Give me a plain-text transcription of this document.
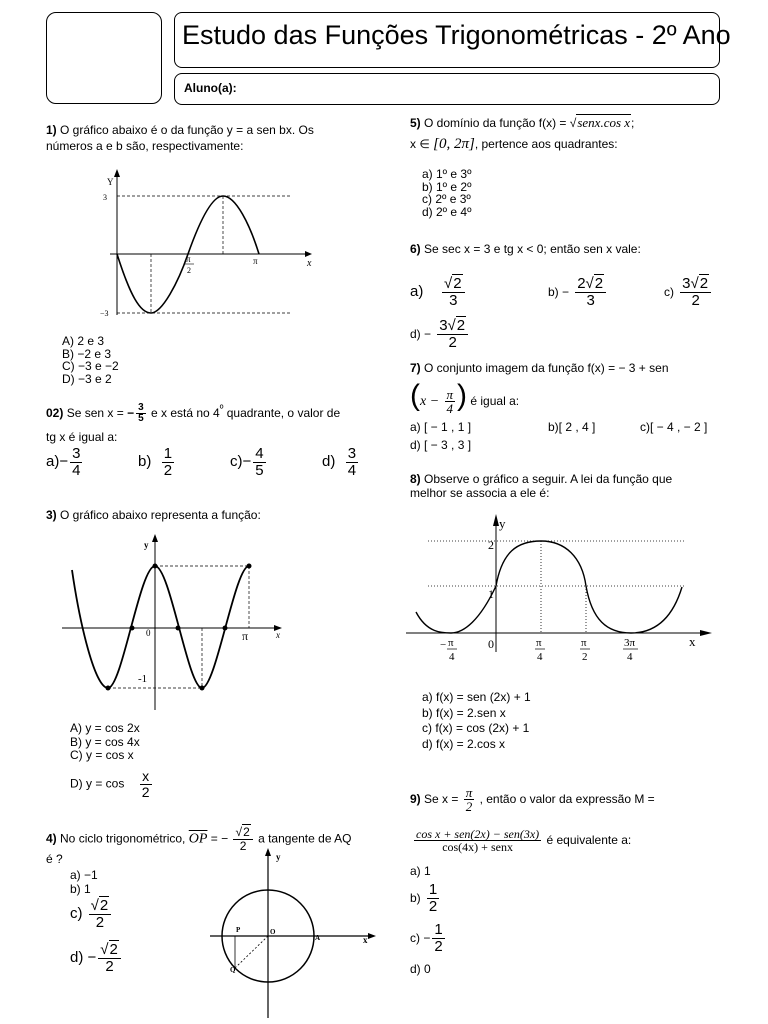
Estudo das Funções Trigonométricas - 2º Ano
Aluno(a):
1) O gráfico abaixo é o da função y = a sen bx. Os
números a e b são, respectivamente:
Y
x
3
−3
π
2
π
A) 2 e 3
B) −2 e 3
C) −3 e −2
D) −3 e 2
02) Se sen x = − $\frac{3}{5}$ e x está no $4^º$ quadrante, o valor de
tg x é igual a:
$a)- \frac{3}{4}$	$b) \frac{1}{2}$	$c)- \frac{4}{5}$	$d) \frac{3}{4}$
3) O gráfico abaixo representa a função:
y
x
0	π
-1
A) y = cos 2x
B) y = cos 4x
C) y = cos x
D) $y = \cos \frac{x}{2}$
4) No ciclo trigonométrico, $\overline{OP}$ = − $\frac{√2}{2}$ a tangente de AQ
é ?
a) −1
b) 1
$c) \frac{√2}{2}$
$d) - \frac{√2}{2}$
y
x
O
A
P
Q
5) O domínio da função f(x) = √senx.cos x;
x ∈ [0, 2π], pertence aos quadrantes:
a) 1º e 3º
b) 1º e 2º
c) 2º e 3º
d) 2º e 4º
6) Se sec x = 3 e tg x < 0; então sen x vale:
$a) \frac{√2}{3}$	$b) - \frac{2√2}{3}$	$c) \frac{3√2}{2}$
$d) - \frac{3√2}{2}$
7) O conjunto imagem da função f(x) = − 3 + sen
($x - \frac{\pi}{4}$ ) é igual a:
a) [ − 1 , 1 ]	b)[ 2 , 4 ]	c)[ − 4 , − 2 ]
d) [ − 3 , 3 ]
8) Observe o gráfico a seguir. A lei da função que
melhor se associa a ele é:
y
x
2
1
0
− π
4
π
4
π
2
3π
4
a) f(x) = sen (2x) + 1
b) f(x) = 2.sen x
c) f(x) = cos (2x) + 1
d) f(x) = 2.cos x
9) Se $x = \frac{\pi}{2}$ , então o valor da expressão M =
$\frac{\text{cos x + sen(2x) − sen(3x)}}{\text{cos(4x) + senx}}$ é equivalente a:
a) 1
$b) \frac{1}{2}$
$c) - \frac{1}{2}$
d) 0
